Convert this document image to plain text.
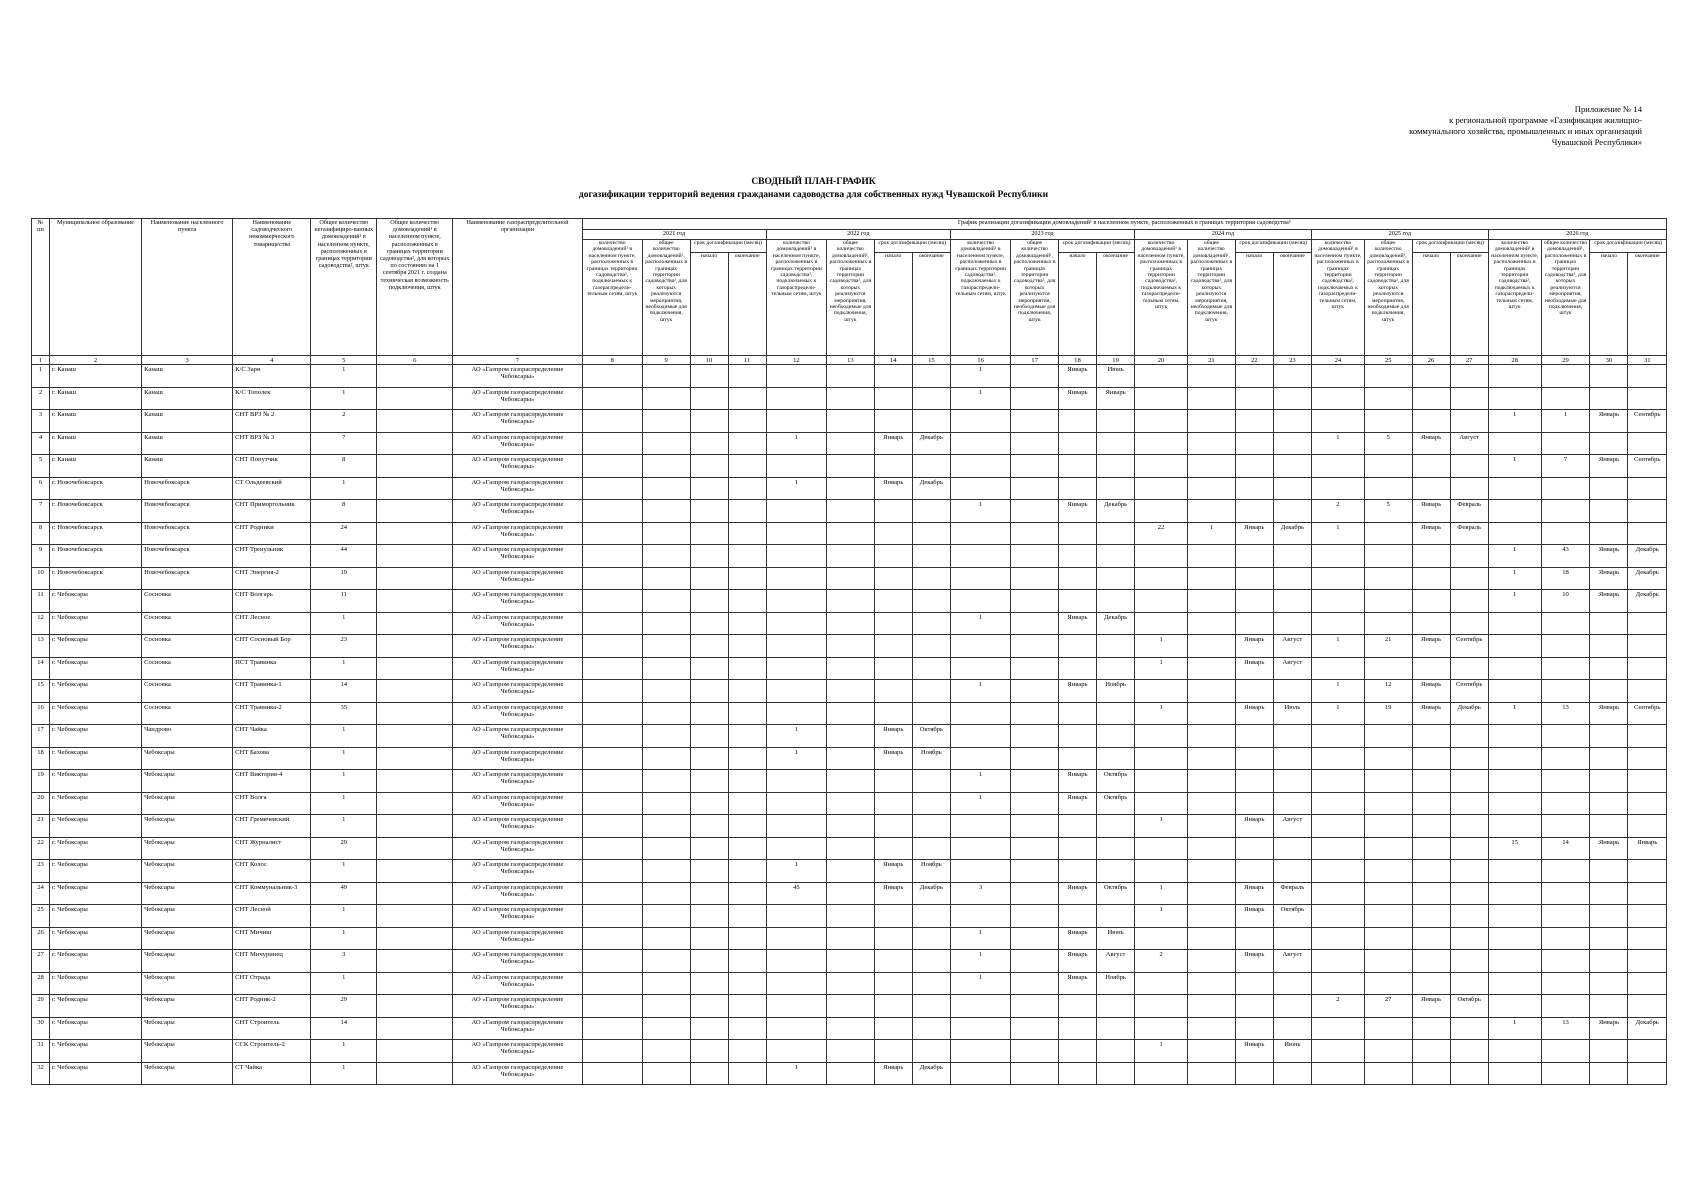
Приложение № 14
к региональной программе «Газификация жилищно-
коммунального хозяйства, промышленных и иных организаций
Чувашской Республики»
СВОДНЫЙ ПЛАН-ГРАФИК
догазификации территорий ведения гражданами садоводства для собственных нужд Чувашской Республики
№ пп	Муниципальное образование	Наименование населенного пункта	Наименование садоводческого некоммерческого товарищества	Общее количество негазифициро-ванных домовладений¹ в населенном пункте, расположенных в границах территории садоводства², штук	Общее количество домовладений¹ в населенном пункте, расположенных в границах территории садоводства², для которых по состоянию на 1 сентября 2021 г. создана техническая возможность подключения, штук	Наименование газораспределительной организации	График реализации догазификации домовладений¹ в населенном пункте, расположенных в границах территории садоводства²																							
							2021 год				2022 год				2023 год				2024 год				2025 год				2026 год			
							количество домовладений¹ в населенном пункте, расположенных в границах территории садоводства², подключаемых к газораспредели-тельным сетям, штук	общее количество домовладений¹, расположенных в границах территории садоводства², для которых реализуются мероприятия, необходимые для подключения, штук	срок догазификации (месяц)		количество домовладений¹ в населенном пункте, расположенных в границах территории садоводства², подключаемых к газораспредели-тельным сетям, штук	общее количество домовладений¹, расположенных в границах территории садоводства², для которых реализуются мероприятия, необходимые для подключения, штук	срок догазификации (месяц)		количество домовладений¹ в населенном пункте, расположенных в границах территории садоводства², подключаемых к газораспредели-тельным сетям, штук	общее количество домовладений¹, расположенных в границах территории садоводства², для которых реализуются мероприятия, необходимые для подключения, штук	срок догазификации (месяц)		количество домовладений¹ в населенном пункте, расположенных в границах территории садоводства², подключаемых к газораспредели-тельным сетям, штук	общее количество домовладений¹, расположенных в границах территории садоводства², для которых реализуются мероприятия, необходимые для подключения, штук	срок догазификации (месяц)		количество домовладений¹ в населенном пункте, расположенных в границах территории садоводства², подключаемых к газораспредели-тельным сетям, штук	общее количество домовладений¹, расположенных в границах территории садоводства², для которых реализуются мероприятия, необходимые для подключения, штук	срок догазификации (месяц)		количество домовладений¹ в населенном пункте, расположенных в границах территории садоводства², подключаемых к газораспредели-тельным сетям, штук	общее количество домовладений¹, расположенных в границах территории садоводства², для которых реализуются мероприятия, необходимые для подключения, штук	срок догазификации (месяц)	
									начало	окончание			начало	окончание			начало	окончание			начало	окончание			начало	окончание			начало	окончание
1	2	3	4	5	6	7	8	9	10	11	12	13	14	15	16	17	18	19	20	21	22	23	24	25	26	27	28	29	30	31
1	г. Канаш	Канаш	К/С Заря	1		АО «Газпром газораспределение Чебоксары»									1		Январь	Июнь												
2	г. Канаш	Канаш	К/С Тополек	1		АО «Газпром газораспределение Чебоксары»									1		Январь	Январь												
3	г. Канаш	Канаш	СНТ ВРЗ № 2	2		АО «Газпром газораспределение Чебоксары»																					1	1	Январь	Сентябрь
4	г. Канаш	Канаш	СНТ ВРЗ № 3	7		АО «Газпром газораспределение Чебоксары»					1		Январь	Декабрь									1	5	Январь	Август				
5	г. Канаш	Канаш	СНТ Попутчик	8		АО «Газпром газораспределение Чебоксары»																					1	7	Январь	Сентябрь
6	г. Новочебоксарск	Новочебоксарск	СТ Ольдеевский	1		АО «Газпром газораспределение Чебоксары»					1		Январь	Декабрь																
7	г. Новочебоксарск	Новочебоксарск	СНТ Приморгольник	8		АО «Газпром газораспределение Чебоксары»									1		Январь	Декабрь					2	5	Январь	Февраль				
8	г. Новочебоксарск	Новочебоксарск	СНТ Родники	24		АО «Газпром газораспределение Чебоксары»													22	1	Январь	Декабрь	1		Январь	Февраль				
9	г. Новочебоксарск	Новочебоксарск	СНТ Тренульник	44		АО «Газпром газораспределение Чебоксары»																					1	43	Январь	Декабрь
10	г. Новочебоксарск	Новочебоксарск	СНТ Энергия-2	19		АО «Газпром газораспределение Чебоксары»																					1	18	Январь	Декабрь
11	г. Чебоксары	Сосновка	СНТ Волгарь	11		АО «Газпром газораспределение Чебоксары»																					1	10	Январь	Декабрь
12	г. Чебоксары	Сосновка	СНТ Лесное	1		АО «Газпром газораспределение Чебоксары»									1		Январь	Декабрь												
13	г. Чебоксары	Сосновка	СНТ Сосновый Бор	23		АО «Газпром газораспределение Чебоксары»													1		Январь	Август	1	21	Январь	Сентябрь				
14	г. Чебоксары	Сосновка	ПСТ Травинка	1		АО «Газпром газораспределение Чебоксары»													1		Январь	Август								
15	г. Чебоксары	Сосновка	СНТ Травинка-1	14		АО «Газпром газораспределение Чебоксары»									1		Январь	Ноябрь					1	12	Январь	Сентябрь				
16	г. Чебоксары	Сосновка	СНТ Травинка-2	35		АО «Газпром газораспределение Чебоксары»													1		Январь	Июль	1	19	Январь	Декабрь	1	13	Январь	Сентябрь
17	г. Чебоксары	Чандрово	СНТ Чайка	1		АО «Газпром газораспределение Чебоксары»					1		Январь	Октябрь																
18	г. Чебоксары	Чебоксары	СНТ Бахова	1		АО «Газпром газораспределение Чебоксары»					1		Январь	Ноябрь																
19	г. Чебоксары	Чебоксары	СНТ Виктория-4	1		АО «Газпром газораспределение Чебоксары»									1		Январь	Октябрь												
20	г. Чебоксары	Чебоксары	СНТ Волга	1		АО «Газпром газораспределение Чебоксары»									1		Январь	Октябрь												
21	г. Чебоксары	Чебоксары	СНТ Гремячевский	1		АО «Газпром газораспределение Чебоксары»													1		Январь	Август								
22	г. Чебоксары	Чебоксары	СНТ Журналист	29		АО «Газпром газораспределение Чебоксары»																					15	14	Январь	Январь
23	г. Чебоксары	Чебоксары	СНТ Колос	1		АО «Газпром газораспределение Чебоксары»					1		Январь	Ноябрь																
24	г. Чебоксары	Чебоксары	СНТ Коммунальник-3	49		АО «Газпром газораспределение Чебоксары»					45		Январь	Декабрь	3		Январь	Октябрь	1		Январь	Февраль								
25	г. Чебоксары	Чебоксары	СНТ Лесной	1		АО «Газпром газораспределение Чебоксары»													1		Январь	Октябрь								
26	г. Чебоксары	Чебоксары	СНТ Мичиш	1		АО «Газпром газораспределение Чебоксары»									1		Январь	Июнь												
27	г. Чебоксары	Чебоксары	СНТ Мичуринец	3		АО «Газпром газораспределение Чебоксары»									1		Январь	Август	2		Январь	Август								
28	г. Чебоксары	Чебоксары	СНТ Отрада	1		АО «Газпром газораспределение Чебоксары»									1		Январь	Ноябрь												
29	г. Чебоксары	Чебоксары	СНТ Родник-2	29		АО «Газпром газораспределение Чебоксары»																	2	27	Январь	Октябрь				
30	г. Чебоксары	Чебоксары	СНТ Строитель	14		АО «Газпром газораспределение Чебоксары»																					1	13	Январь	Декабрь
31	г. Чебоксары	Чебоксары	ССК Строитель-2	1		АО «Газпром газораспределение Чебоксары»													1		Январь	Июнь								
32	г. Чебоксары	Чебоксары	СТ Чайка	1		АО «Газпром газораспределение Чебоксары»					1		Январь	Декабрь																
